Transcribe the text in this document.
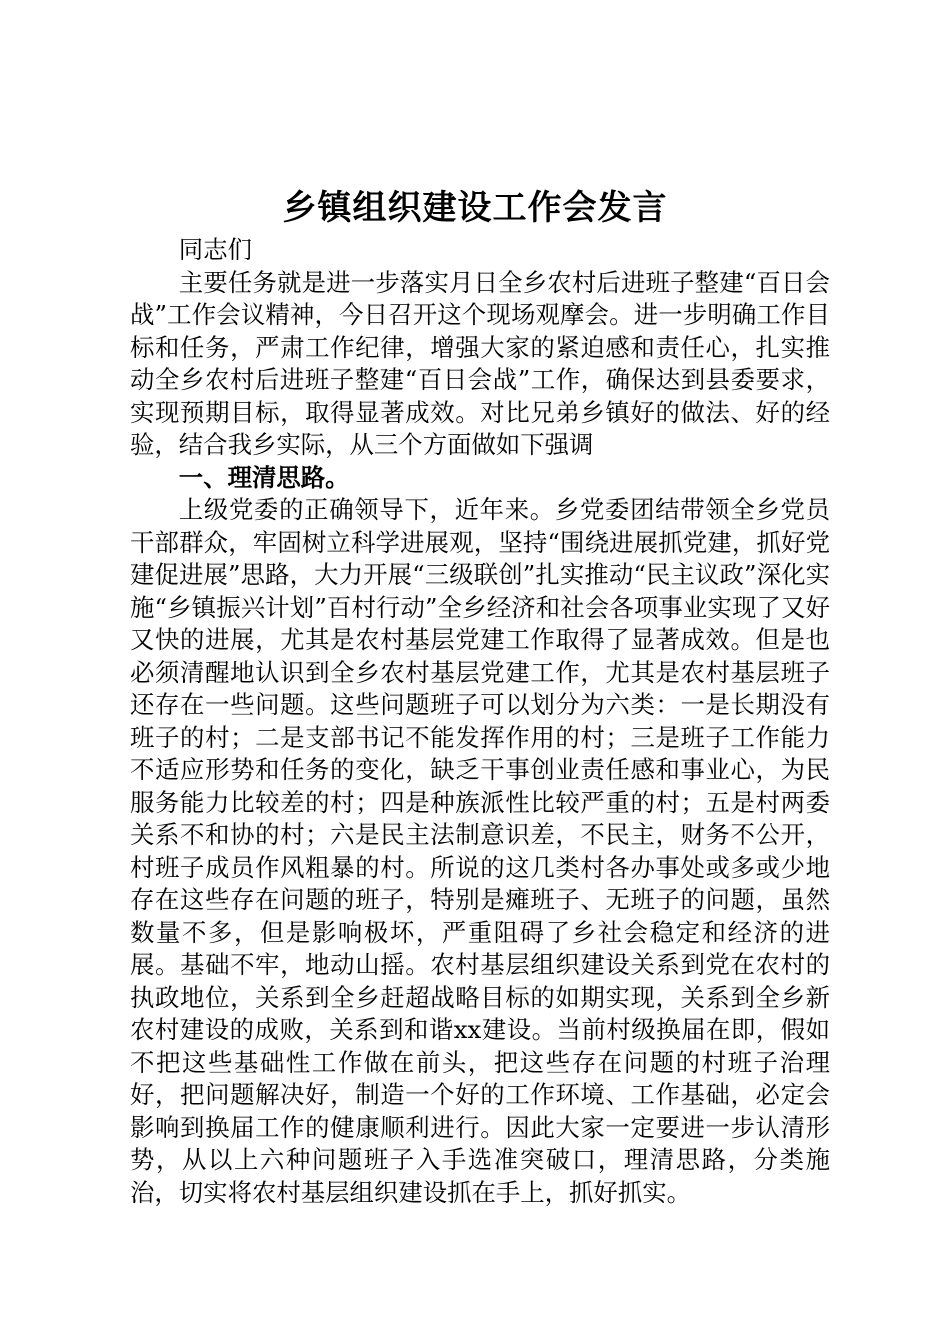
乡镇组织建设工作会发言

同志们

主要任务就是进一步落实月日全乡农村后进班子整建“百日会战”工作会议精神，今日召开这个现场观摩会。进一步明确工作目标和任务，严肃工作纪律，增强大家的紧迫感和责任心，扎实推动全乡农村后进班子整建“百日会战”工作，确保达到县委要求，实现预期目标，取得显著成效。对比兄弟乡镇好的做法、好的经验，结合我乡实际，从三个方面做如下强调

一、理清思路。

上级党委的正确领导下，近年来。乡党委团结带领全乡党员干部群众，牢固树立科学进展观，坚持“围绕进展抓党建，抓好党建促进展”思路，大力开展“三级联创”扎实推动“民主议政”深化实施“乡镇振兴计划”百村行动”全乡经济和社会各项事业实现了又好又快的进展，尤其是农村基层党建工作取得了显著成效。但是也必须清醒地认识到全乡农村基层党建工作，尤其是农村基层班子还存在一些问题。这些问题班子可以划分为六类：一是长期没有班子的村；二是支部书记不能发挥作用的村；三是班子工作能力不适应形势和任务的变化，缺乏干事创业责任感和事业心，为民服务能力比较差的村；四是种族派性比较严重的村；五是村两委关系不和协的村；六是民主法制意识差，不民主，财务不公开，村班子成员作风粗暴的村。所说的这几类村各办事处或多或少地存在这些存在问题的班子，特别是瘫班子、无班子的问题，虽然数量不多，但是影响极坏，严重阻碍了乡社会稳定和经济的进展。基础不牢，地动山摇。农村基层组织建设关系到党在农村的执政地位，关系到全乡赶超战略目标的如期实现，关系到全乡新农村建设的成败，关系到和谐xx建设。当前村级换届在即，假如不把这些基础性工作做在前头，把这些存在问题的村班子治理好，把问题解决好，制造一个好的工作环境、工作基础，必定会影响到换届工作的健康顺利进行。因此大家一定要进一步认清形势，从以上六种问题班子入手选准突破口，理清思路，分类施治，切实将农村基层组织建设抓在手上，抓好抓实。
